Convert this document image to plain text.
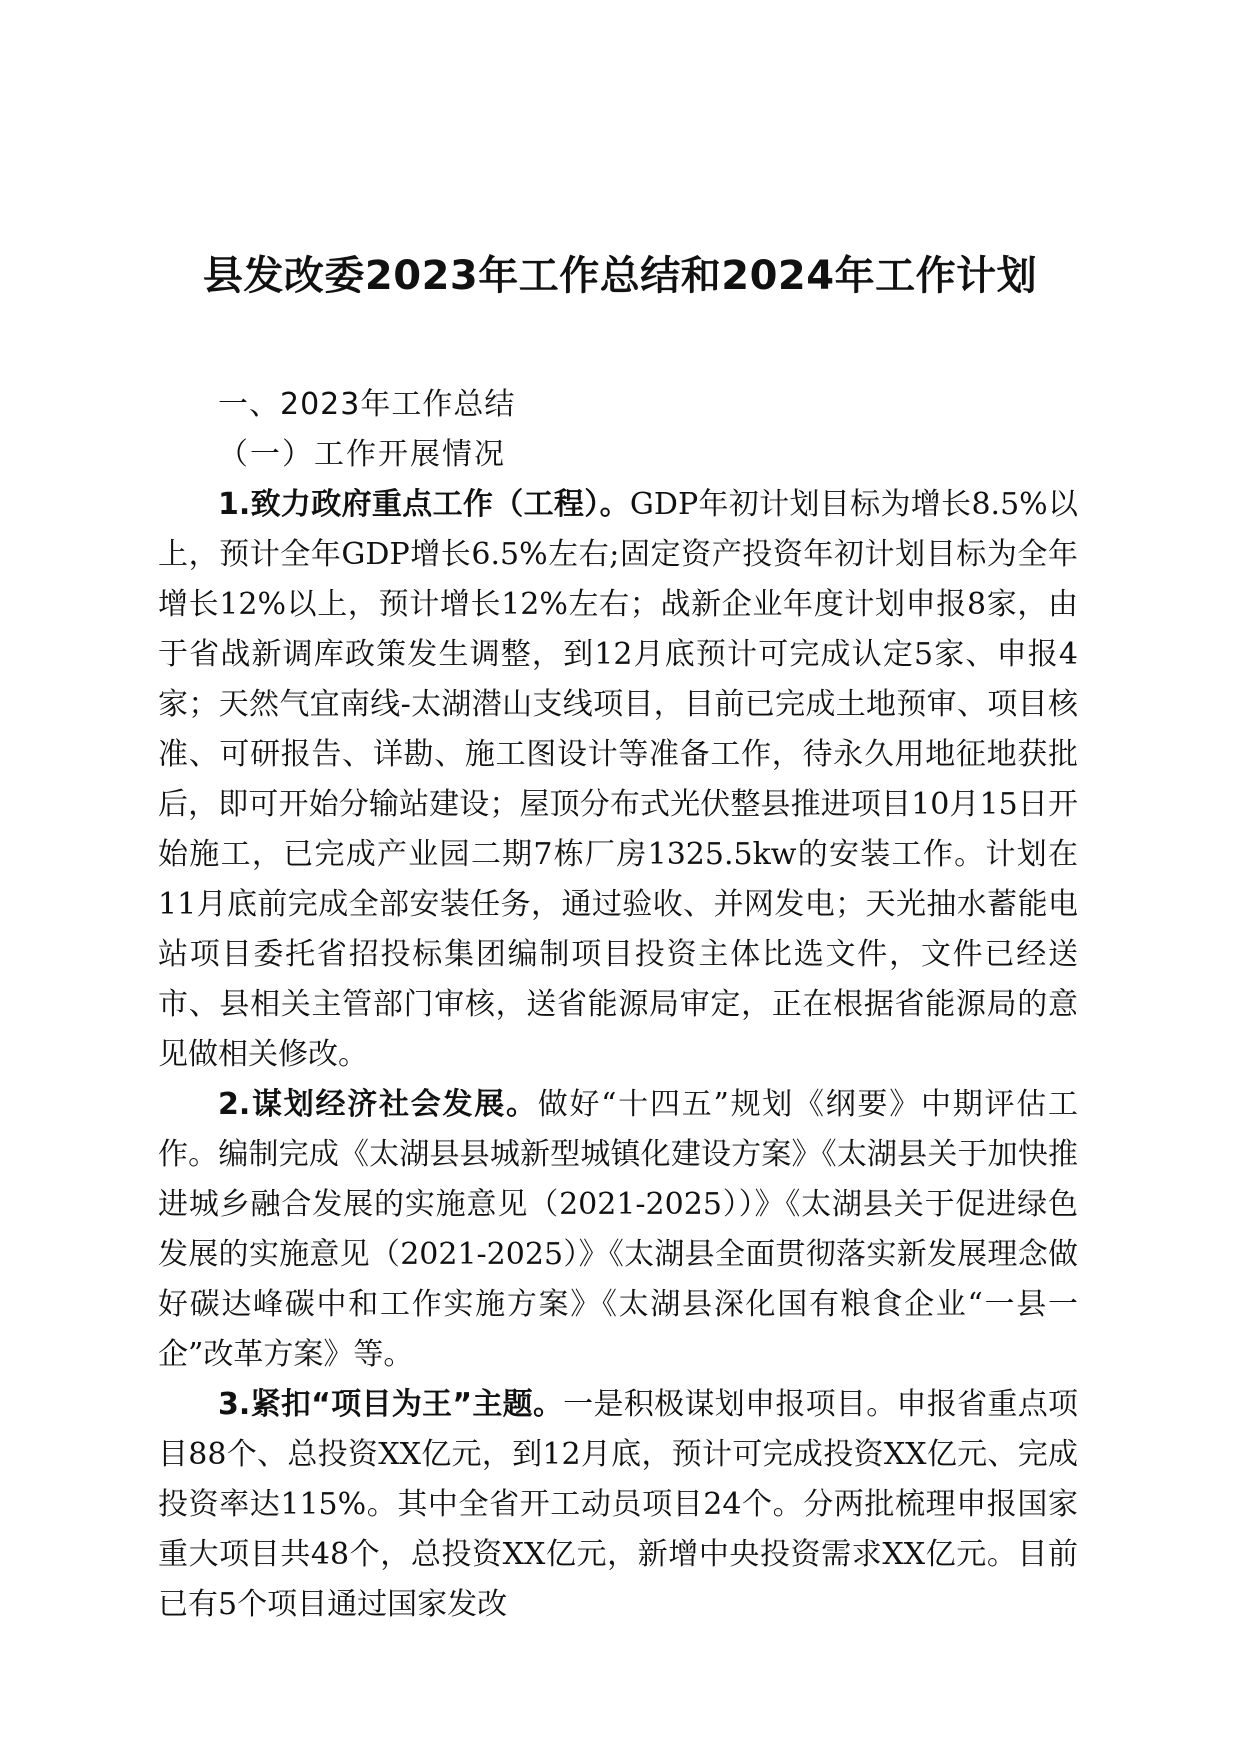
县发改委2023年工作总结和2024年工作计划

一、2023年工作总结

（一）工作开展情况

1.致力政府重点工作（工程）。GDP年初计划目标为增长8.5%以上，预计全年GDP增长6.5%左右;固定资产投资年初计划目标为全年增长12%以上，预计增长12%左右；战新企业年度计划申报8家，由于省战新调库政策发生调整，到12月底预计可完成认定5家、申报4家；天然气宜南线-太湖潜山支线项目，目前已完成土地预审、项目核准、可研报告、详勘、施工图设计等准备工作，待永久用地征地获批后，即可开始分输站建设；屋顶分布式光伏整县推进项目10月15日开始施工，已完成产业园二期7栋厂房1325.5kw的安装工作。计划在11月底前完成全部安装任务，通过验收、并网发电；天光抽水蓄能电站项目委托省招投标集团编制项目投资主体比选文件，文件已经送市、县相关主管部门审核，送省能源局审定，正在根据省能源局的意见做相关修改。

2.谋划经济社会发展。做好“十四五”规划《纲要》中期评估工作。编制完成《太湖县县城新型城镇化建设方案》《太湖县关于加快推进城乡融合发展的实施意见（2021-2025））》《太湖县关于促进绿色发展的实施意见（2021-2025）》《太湖县全面贯彻落实新发展理念做好碳达峰碳中和工作实施方案》《太湖县深化国有粮食企业“一县一企”改革方案》等。

3.紧扣“项目为王”主题。一是积极谋划申报项目。申报省重点项目88个、总投资XX亿元，到12月底，预计可完成投资XX亿元、完成投资率达115%。其中全省开工动员项目24个。分两批梳理申报国家重大项目共48个，总投资XX亿元，新增中央投资需求XX亿元。目前已有5个项目通过国家发改
